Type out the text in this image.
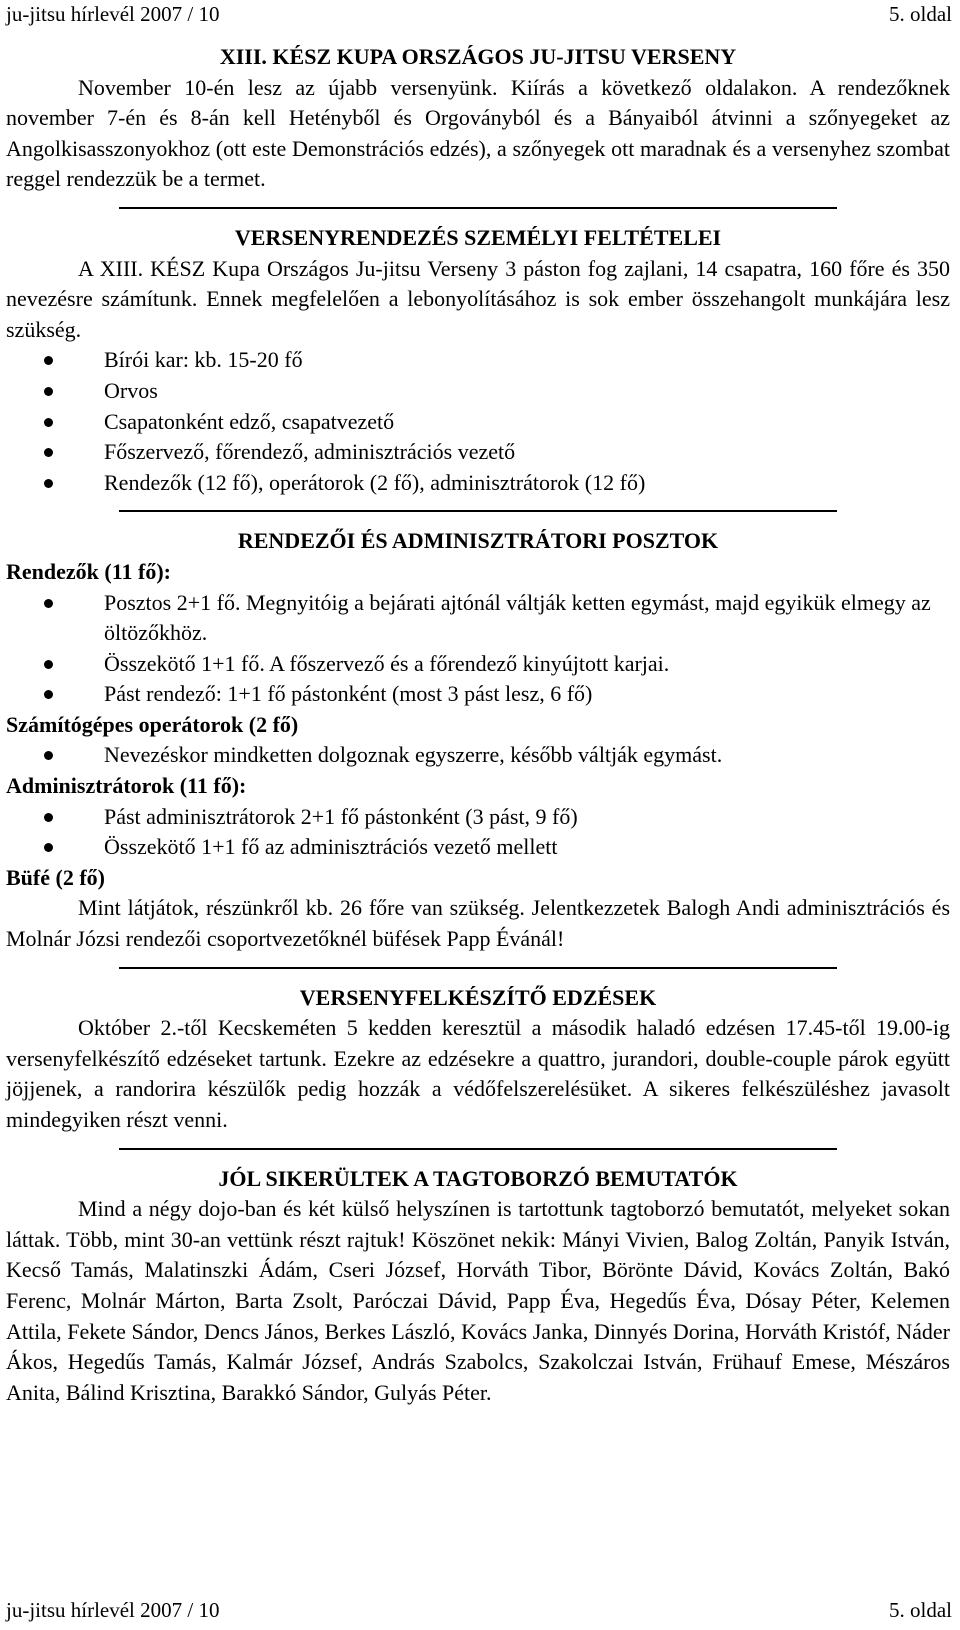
ju-jitsu hírlevél 2007 / 10	5. oldal

XIII. KÉSZ KUPA ORSZÁGOS JU-JITSU VERSENY

November 10-én lesz az újabb versenyünk. Kiírás a következő oldalakon. A rendezőknek november 7-én és 8-án kell Hetényből és Orgoványból és a Bányaiból átvinni a szőnyegeket az Angolkisasszonyokhoz (ott este Demonstrációs edzés), a szőnyegek ott maradnak és a versenyhez szombat reggel rendezzük be a termet.

VERSENYRENDEZÉS SZEMÉLYI FELTÉTELEI

A XIII. KÉSZ Kupa Országos Ju-jitsu Verseny 3 páston fog zajlani, 14 csapatra, 160 főre és 350 nevezésre számítunk. Ennek megfelelően a lebonyolításához is sok ember összehangolt munkájára lesz szükség.

Bírói kar: kb. 15-20 fő
Orvos
Csapatonként edző, csapatvezető
Főszervező, főrendező, adminisztrációs vezető
Rendezők (12 fő), operátorok (2 fő), adminisztrátorok (12 fő)

RENDEZŐI ÉS ADMINISZTRÁTORI POSZTOK

Rendezők (11 fő):

Posztos 2+1 fő. Megnyitóig a bejárati ajtónál váltják ketten egymást, majd egyikük elmegy az öltözőkhöz.
Összekötő 1+1 fő. A főszervező és a főrendező kinyújtott karjai.
Pást rendező: 1+1 fő pástonként (most 3 pást lesz, 6 fő)

Számítógépes operátorok (2 fő)

Nevezéskor mindketten dolgoznak egyszerre, később váltják egymást.

Adminisztrátorok (11 fő):

Pást adminisztrátorok 2+1 fő pástonként (3 pást, 9 fő)
Összekötő 1+1 fő az adminisztrációs vezető mellett

Büfé (2 fő)

Mint látjátok, részünkről kb. 26 főre van szükség. Jelentkezzetek Balogh Andi adminisztrációs és Molnár Józsi rendezői csoportvezetőknél büfések Papp Évánál!

VERSENYFELKÉSZÍTŐ EDZÉSEK

Október 2.-től Kecskeméten 5 kedden keresztül a második haladó edzésen 17.45-től 19.00-ig versenyfelkészítő edzéseket tartunk. Ezekre az edzésekre a quattro, jurandori, double-couple párok együtt jöjjenek, a randorira készülők pedig hozzák a védőfelszerelésüket. A sikeres felkészüléshez javasolt mindegyiken részt venni.

JÓL SIKERÜLTEK A TAGTOBORZÓ BEMUTATÓK

Mind a négy dojo-ban és két külső helyszínen is tartottunk tagtoborzó bemutatót, melyeket sokan láttak. Több, mint 30-an vettünk részt rajtuk! Köszönet nekik: Mányi Vivien, Balog Zoltán, Panyik István, Kecső Tamás, Malatinszki Ádám, Cseri József, Horváth Tibor, Börönte Dávid, Kovács Zoltán, Bakó Ferenc, Molnár Márton, Barta Zsolt, Paróczai Dávid, Papp Éva, Hegedűs Éva, Dósay Péter, Kelemen Attila, Fekete Sándor, Dencs János, Berkes László, Kovács Janka, Dinnyés Dorina, Horváth Kristóf, Náder Ákos, Hegedűs Tamás, Kalmár József, András Szabolcs, Szakolczai István, Frühauf Emese, Mészáros Anita, Bálind Krisztina, Barakkó Sándor, Gulyás Péter.

ju-jitsu hírlevél 2007 / 10	5. oldal
